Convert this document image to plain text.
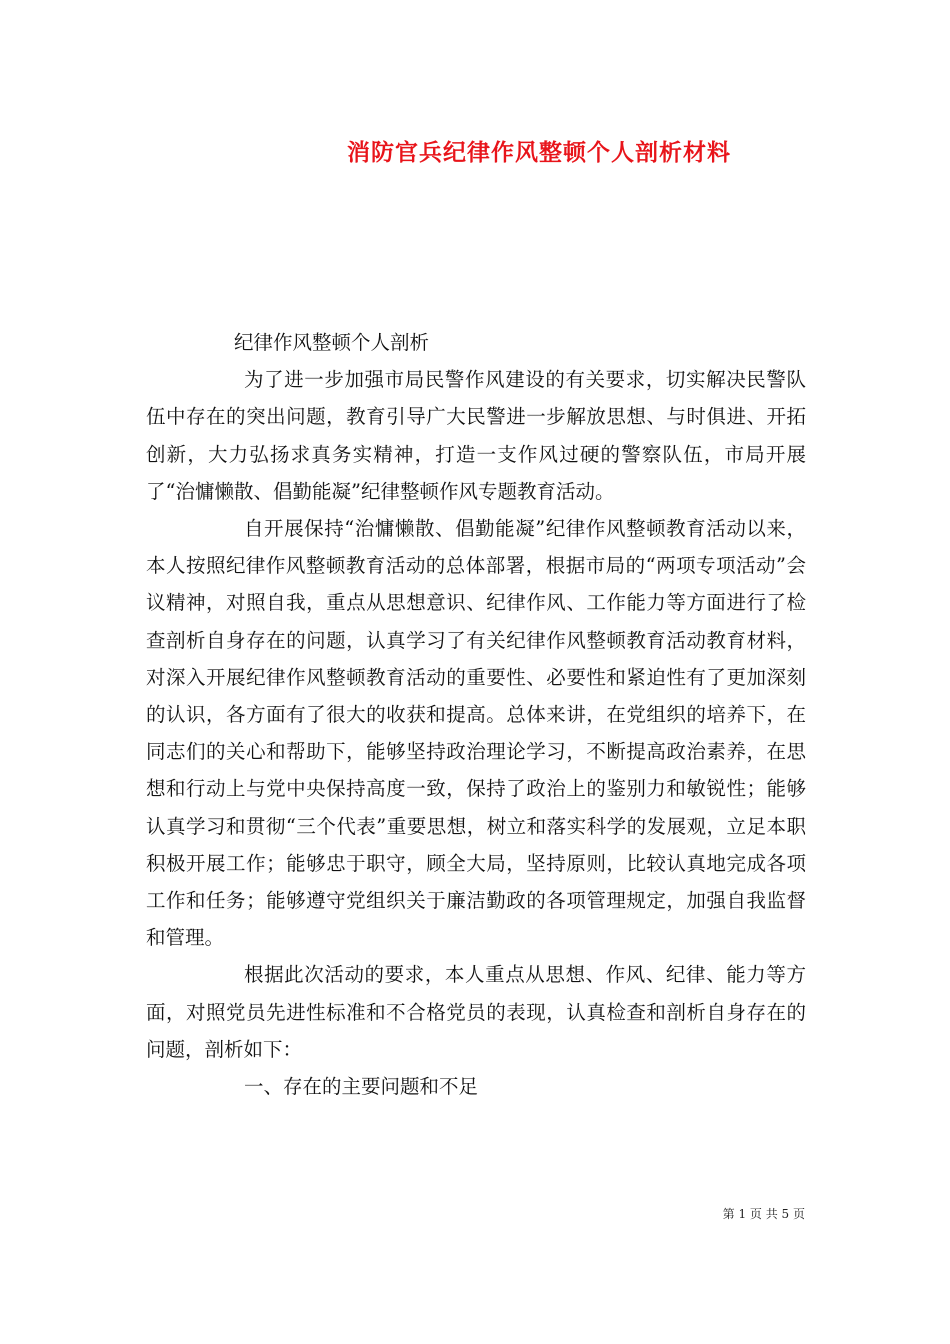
消防官兵纪律作风整顿个人剖析材料

纪律作风整顿个人剖析

为了进一步加强市局民警作风建设的有关要求，切实解决民警队伍中存在的突出问题，教育引导广大民警进一步解放思想、与时俱进、开拓创新，大力弘扬求真务实精神，打造一支作风过硬的警察队伍，市局开展了“治慵懒散、倡勤能凝”纪律整顿作风专题教育活动。

自开展保持“治慵懒散、倡勤能凝”纪律作风整顿教育活动以来，本人按照纪律作风整顿教育活动的总体部署，根据市局的“两项专项活动”会议精神，对照自我，重点从思想意识、纪律作风、工作能力等方面进行了检查剖析自身存在的问题，认真学习了有关纪律作风整顿教育活动教育材料，对深入开展纪律作风整顿教育活动的重要性、必要性和紧迫性有了更加深刻的认识，各方面有了很大的收获和提高。总体来讲，在党组织的培养下，在同志们的关心和帮助下，能够坚持政治理论学习，不断提高政治素养，在思想和行动上与党中央保持高度一致，保持了政治上的鉴别力和敏锐性；能够认真学习和贯彻“三个代表”重要思想，树立和落实科学的发展观，立足本职积极开展工作；能够忠于职守，顾全大局，坚持原则，比较认真地完成各项工作和任务；能够遵守党组织关于廉洁勤政的各项管理规定，加强自我监督和管理。

根据此次活动的要求，本人重点从思想、作风、纪律、能力等方面，对照党员先进性标准和不合格党员的表现，认真检查和剖析自身存在的问题，剖析如下：

一、存在的主要问题和不足

第 1 页 共 5 页
